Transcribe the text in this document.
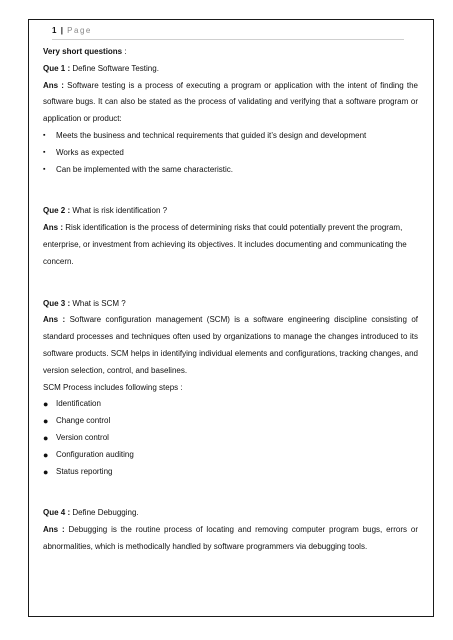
1 | Page

Very short questions :

Que 1 : Define Software Testing.

Ans : Software testing is a process of executing a program or application with the intent of finding the software bugs. It can also be stated as the process of validating and verifying that a software program or application or product:

▪	Meets the business and technical requirements that guided it’s design and development
▪	Works as expected
▪	Can be implemented with the same characteristic.

Que 2 : What is risk identification ?

Ans : Risk identification is the process of determining risks that could potentially prevent the program, enterprise, or investment from achieving its objectives. It includes documenting and communicating the concern.

Que 3 : What is SCM ?

Ans : Software configuration management (SCM) is a software engineering discipline consisting of standard processes and techniques often used by organizations to manage the changes introduced to its software products. SCM helps in identifying individual elements and configurations, tracking changes, and version selection, control, and baselines.

SCM Process includes following steps :

● Identification
● Change control
● Version control
● Configuration auditing
● Status reporting

Que 4 : Define Debugging.

Ans : Debugging is the routine process of locating and removing computer program bugs, errors or abnormalities, which is methodically handled by software programmers via debugging tools.
